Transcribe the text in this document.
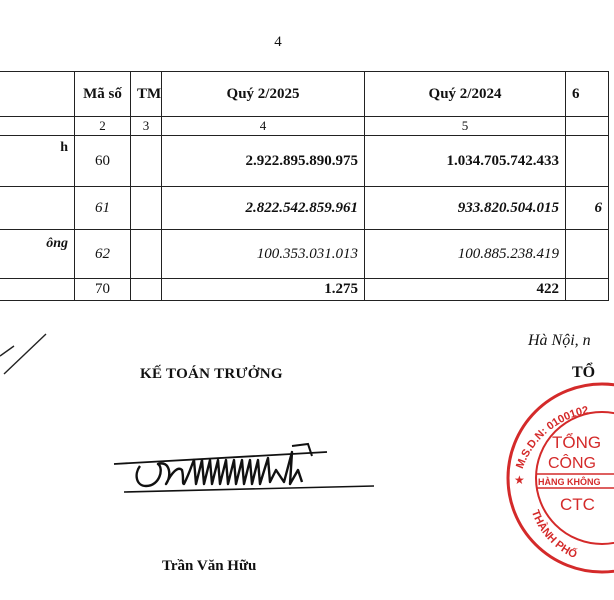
4
	Mã số	TM	Quý 2/2025	Quý 2/2024	6
	2	3	4	5	
h	60		2.922.895.890.975	1.034.705.742.433	
	61		2.822.542.859.961	933.820.504.015	6
ông	62		100.353.031.013	100.885.238.419	
	70		1.275	422	
Hà Nội, n
KẾ TOÁN TRƯỞNG	TỔ
Trần Văn Hữu
M.S.D.N: 0100102
THÀNH PHỐ
★
TỔNG
CÔNG
HÀNG KHÔNG
CTC
